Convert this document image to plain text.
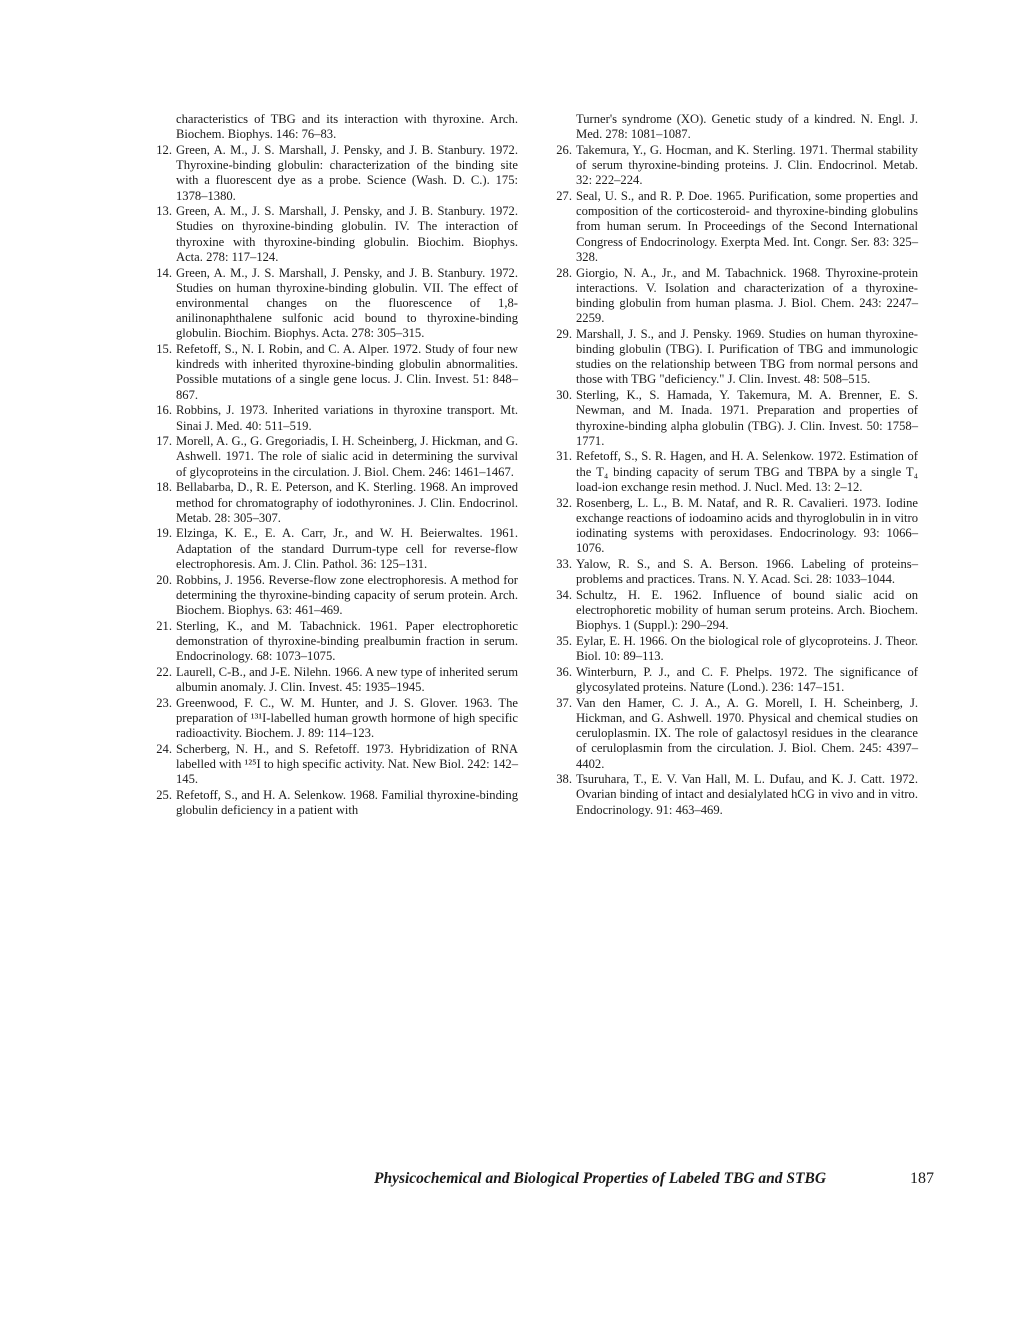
characteristics of TBG and its interaction with thyroxine. Arch. Biochem. Biophys. 146: 76–83.
12. Green, A. M., J. S. Marshall, J. Pensky, and J. B. Stanbury. 1972. Thyroxine-binding globulin: characterization of the binding site with a fluorescent dye as a probe. Science (Wash. D. C.). 175: 1378–1380.
13. Green, A. M., J. S. Marshall, J. Pensky, and J. B. Stanbury. 1972. Studies on thyroxine-binding globulin. IV. The interaction of thyroxine with thyroxine-binding globulin. Biochim. Biophys. Acta. 278: 117–124.
14. Green, A. M., J. S. Marshall, J. Pensky, and J. B. Stanbury. 1972. Studies on human thyroxine-binding globulin. VII. The effect of environmental changes on the fluorescence of 1,8-anilinonaphthalene sulfonic acid bound to thyroxine-binding globulin. Biochim. Biophys. Acta. 278: 305–315.
15. Refetoff, S., N. I. Robin, and C. A. Alper. 1972. Study of four new kindreds with inherited thyroxine-binding globulin abnormalities. Possible mutations of a single gene locus. J. Clin. Invest. 51: 848–867.
16. Robbins, J. 1973. Inherited variations in thyroxine transport. Mt. Sinai J. Med. 40: 511–519.
17. Morell, A. G., G. Gregoriadis, I. H. Scheinberg, J. Hickman, and G. Ashwell. 1971. The role of sialic acid in determining the survival of glycoproteins in the circulation. J. Biol. Chem. 246: 1461–1467.
18. Bellabarba, D., R. E. Peterson, and K. Sterling. 1968. An improved method for chromatography of iodothyronines. J. Clin. Endocrinol. Metab. 28: 305–307.
19. Elzinga, K. E., E. A. Carr, Jr., and W. H. Beierwaltes. 1961. Adaptation of the standard Durrum-type cell for reverse-flow electrophoresis. Am. J. Clin. Pathol. 36: 125–131.
20. Robbins, J. 1956. Reverse-flow zone electrophoresis. A method for determining the thyroxine-binding capacity of serum protein. Arch. Biochem. Biophys. 63: 461–469.
21. Sterling, K., and M. Tabachnick. 1961. Paper electrophoretic demonstration of thyroxine-binding prealbumin fraction in serum. Endocrinology. 68: 1073–1075.
22. Laurell, C-B., and J-E. Nilehn. 1966. A new type of inherited serum albumin anomaly. J. Clin. Invest. 45: 1935–1945.
23. Greenwood, F. C., W. M. Hunter, and J. S. Glover. 1963. The preparation of ¹³¹I-labelled human growth hormone of high specific radioactivity. Biochem. J. 89: 114–123.
24. Scherberg, N. H., and S. Refetoff. 1973. Hybridization of RNA labelled with ¹²⁵I to high specific activity. Nat. New Biol. 242: 142–145.
25. Refetoff, S., and H. A. Selenkow. 1968. Familial thyroxine-binding globulin deficiency in a patient with
Turner's syndrome (XO). Genetic study of a kindred. N. Engl. J. Med. 278: 1081–1087.
26. Takemura, Y., G. Hocman, and K. Sterling. 1971. Thermal stability of serum thyroxine-binding proteins. J. Clin. Endocrinol. Metab. 32: 222–224.
27. Seal, U. S., and R. P. Doe. 1965. Purification, some properties and composition of the corticosteroid- and thyroxine-binding globulins from human serum. In Proceedings of the Second International Congress of Endocrinology. Exerpta Med. Int. Congr. Ser. 83: 325–328.
28. Giorgio, N. A., Jr., and M. Tabachnick. 1968. Thyroxine-protein interactions. V. Isolation and characterization of a thyroxine-binding globulin from human plasma. J. Biol. Chem. 243: 2247–2259.
29. Marshall, J. S., and J. Pensky. 1969. Studies on human thyroxine-binding globulin (TBG). I. Purification of TBG and immunologic studies on the relationship between TBG from normal persons and those with TBG "deficiency." J. Clin. Invest. 48: 508–515.
30. Sterling, K., S. Hamada, Y. Takemura, M. A. Brenner, E. S. Newman, and M. Inada. 1971. Preparation and properties of thyroxine-binding alpha globulin (TBG). J. Clin. Invest. 50: 1758–1771.
31. Refetoff, S., S. R. Hagen, and H. A. Selenkow. 1972. Estimation of the T₄ binding capacity of serum TBG and TBPA by a single T₄ load-ion exchange resin method. J. Nucl. Med. 13: 2–12.
32. Rosenberg, L. L., B. M. Nataf, and R. R. Cavalieri. 1973. Iodine exchange reactions of iodoamino acids and thyroglobulin in in vitro iodinating systems with peroxidases. Endocrinology. 93: 1066–1076.
33. Yalow, R. S., and S. A. Berson. 1966. Labeling of proteins–problems and practices. Trans. N. Y. Acad. Sci. 28: 1033–1044.
34. Schultz, H. E. 1962. Influence of bound sialic acid on electrophoretic mobility of human serum proteins. Arch. Biochem. Biophys. 1 (Suppl.): 290–294.
35. Eylar, E. H. 1966. On the biological role of glycoproteins. J. Theor. Biol. 10: 89–113.
36. Winterburn, P. J., and C. F. Phelps. 1972. The significance of glycosylated proteins. Nature (Lond.). 236: 147–151.
37. Van den Hamer, C. J. A., A. G. Morell, I. H. Scheinberg, J. Hickman, and G. Ashwell. 1970. Physical and chemical studies on ceruloplasmin. IX. The role of galactosyl residues in the clearance of ceruloplasmin from the circulation. J. Biol. Chem. 245: 4397–4402.
38. Tsuruhara, T., E. V. Van Hall, M. L. Dufau, and K. J. Catt. 1972. Ovarian binding of intact and desialylated hCG in vivo and in vitro. Endocrinology. 91: 463–469.
Physicochemical and Biological Properties of Labeled TBG and STBG	187
